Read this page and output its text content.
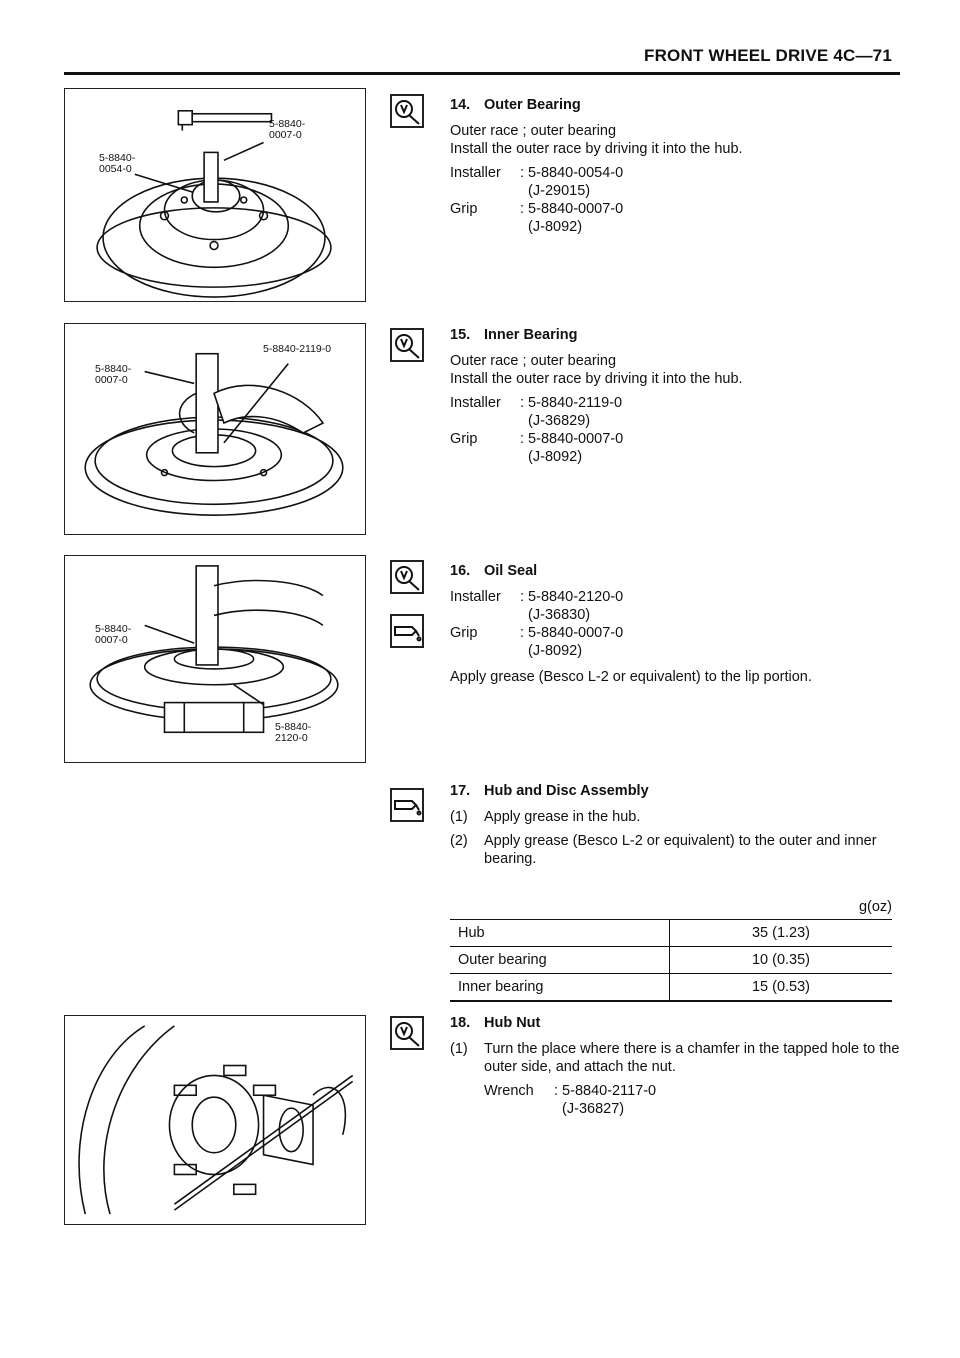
FRONT WHEEL DRIVE 4C—71
5-8840-
0054-0
5-8840-
0007-0
5-8840-
0007-0
5-8840-2119-0
5-8840-
0007-0
5-8840-
2120-0
14. Outer Bearing
Outer race ; outer bearing
Install the outer race by driving it into the hub.
Installer	: 5-8840-0054-0
(J-29015)
Grip	: 5-8840-0007-0
(J-8092)
15. Inner Bearing
Outer race ; outer bearing
Install the outer race by driving it into the hub.
Installer	: 5-8840-2119-0
(J-36829)
Grip	: 5-8840-0007-0
(J-8092)
16. Oil Seal
Installer	: 5-8840-2120-0
(J-36830)
Grip	: 5-8840-0007-0
(J-8092)
Apply grease (Besco L-2 or equivalent) to the lip portion.
17. Hub and Disc Assembly
(1)	Apply grease in the hub.
(2)	Apply grease (Besco L-2 or equivalent) to the outer and inner bearing.
g(oz)
Hub	35 (1.23)
Outer bearing	10 (0.35)
Inner bearing	15 (0.53)
18. Hub Nut
(1)	Turn the place where there is a chamfer in the tapped hole to the outer side, and attach the nut.
Wrench	: 5-8840-2117-0
(J-36827)
